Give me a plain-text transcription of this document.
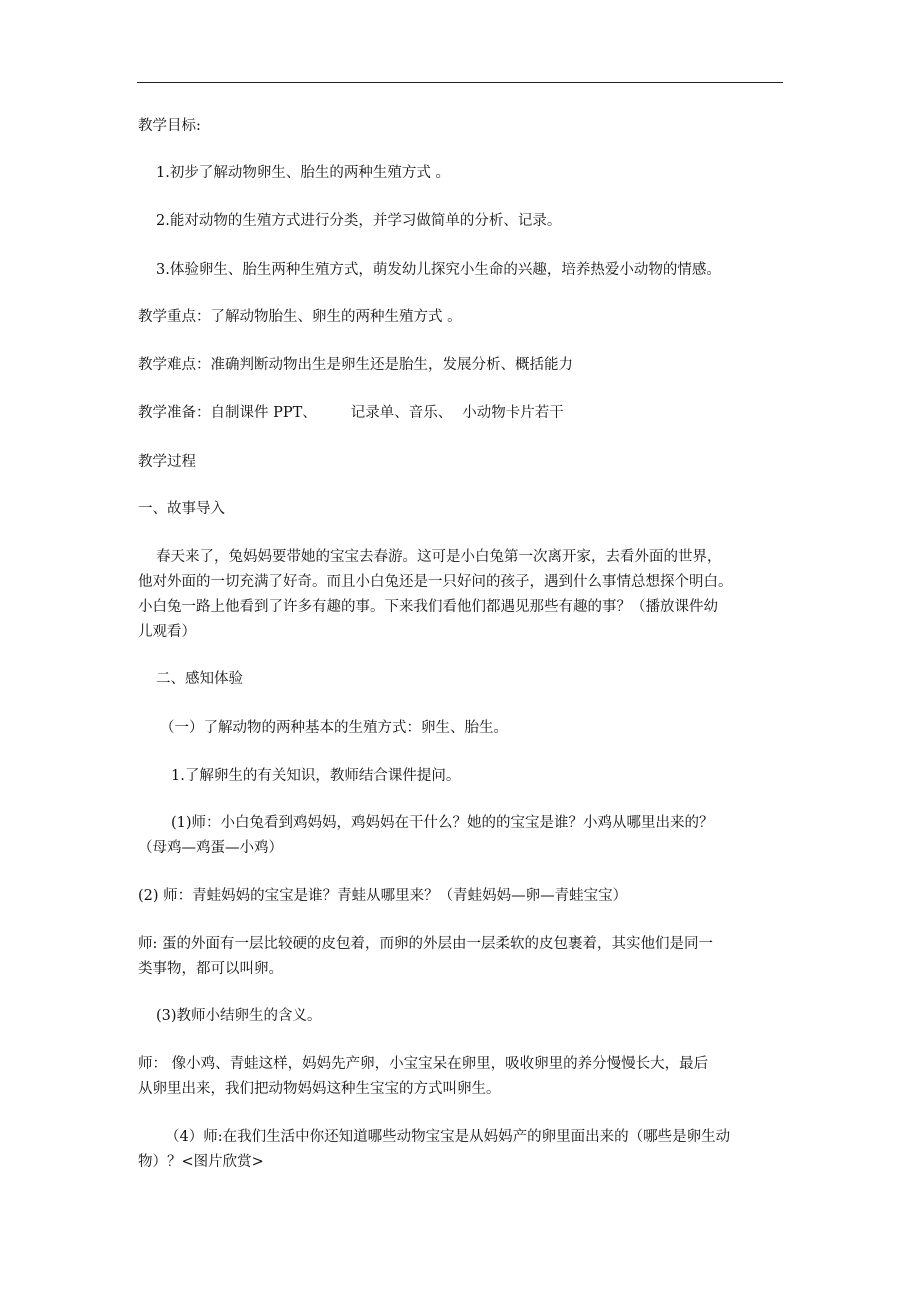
教学目标:
1.初步了解动物卵生、胎生的两种生殖方式 。
2.能对动物的生殖方式进行分类，并学习做简单的分析、记录。
3.体验卵生、胎生两种生殖方式，萌发幼儿探究小生命的兴趣，培养热爱小动物的情感。
教学重点：了解动物胎生、卵生的两种生殖方式 。
教学难点：准确判断动物出生是卵生还是胎生，发展分析、概括能力
教学准备：自制课件 PPT、 记录单、音乐、 小动物卡片若干
教学过程
一、故事导入
春天来了，兔妈妈要带她的宝宝去春游。这可是小白兔第一次离开家，去看外面的世界，
他对外面的一切充满了好奇。而且小白兔还是一只好问的孩子，遇到什么事情总想探个明白。
小白兔一路上他看到了许多有趣的事。下来我们看他们都遇见那些有趣的事？（播放课件幼
儿观看）
二、感知体验
（一）了解动物的两种基本的生殖方式：卵生、胎生。
1.了解卵生的有关知识，教师结合课件提问。
(1)师：小白兔看到鸡妈妈，鸡妈妈在干什么？她的的宝宝是谁？小鸡从哪里出来的？
（母鸡—鸡蛋—小鸡）
(2) 师：青蛙妈妈的宝宝是谁？青蛙从哪里来？（青蛙妈妈—卵—青蛙宝宝）
师: 蛋的外面有一层比较硬的皮包着，而卵的外层由一层柔软的皮包裹着，其实他们是同一
类事物，都可以叫卵。
(3)教师小结卵生的含义。
师： 像小鸡、青蛙这样，妈妈先产卵，小宝宝呆在卵里，吸收卵里的养分慢慢长大，最后
从卵里出来，我们把动物妈妈这种生宝宝的方式叫卵生。
（4）师:在我们生活中你还知道哪些动物宝宝是从妈妈产的卵里面出来的（哪些是卵生动
物）？<图片欣赏>
